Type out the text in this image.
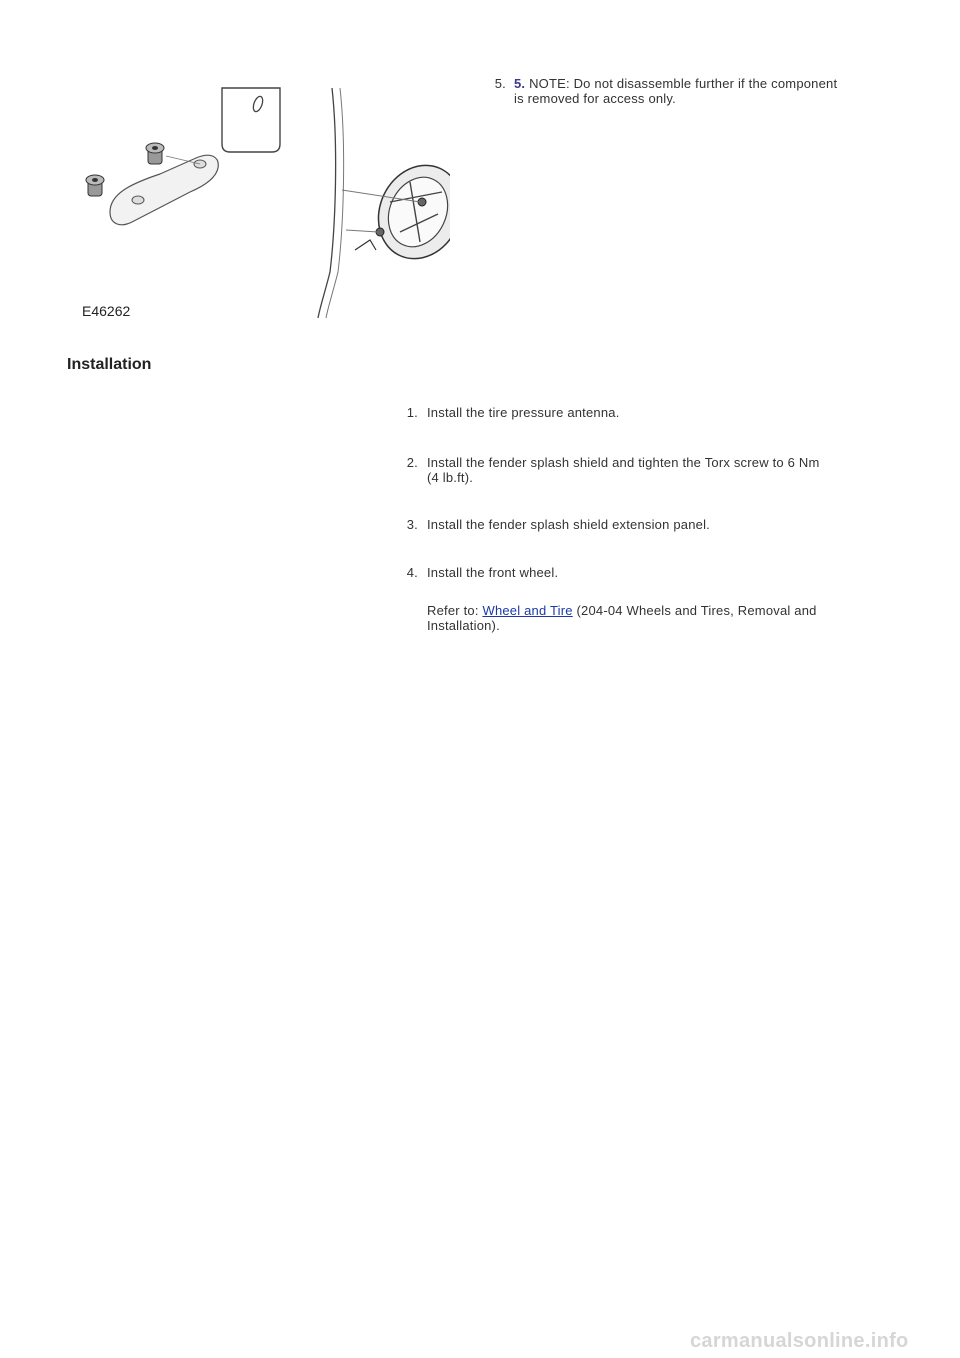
E46262
5. 5. NOTE: Do not disassemble further if the component
is removed for access only.
Installation
1. Install the tire pressure antenna.
2. Install the fender splash shield and tighten the Torx screw to 6 Nm
(4 lb.ft).
3. Install the fender splash shield extension panel.
4. Install the front wheel.
Refer to: Wheel and Tire (204-04 Wheels and Tires, Removal and
Installation).
carmanualsonline.info
